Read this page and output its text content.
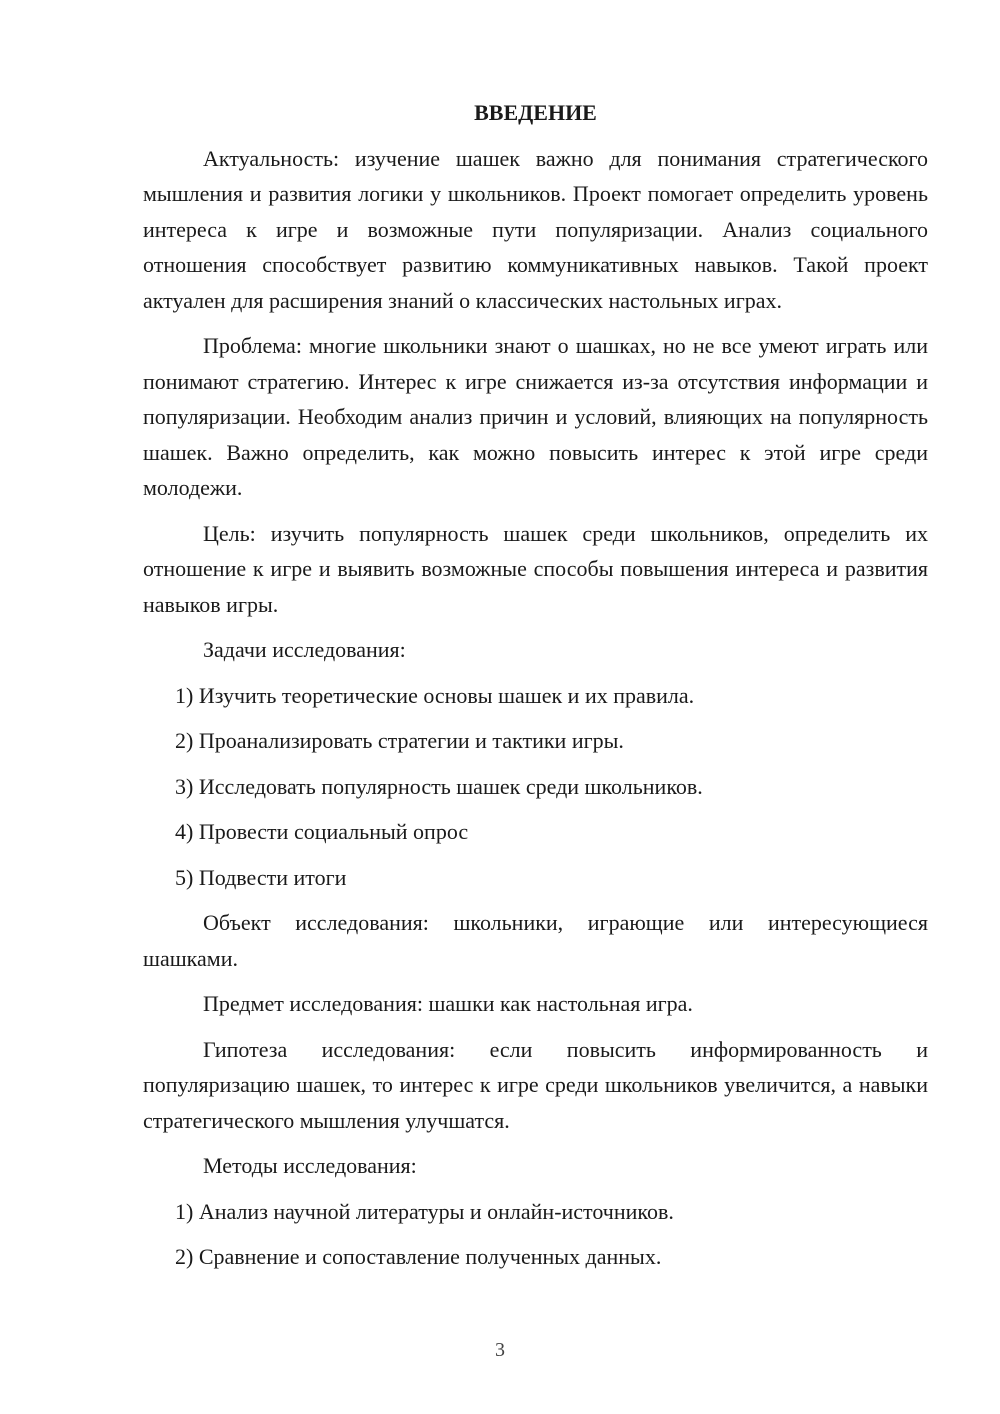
ВВЕДЕНИЕ

Актуальность: изучение шашек важно для понимания стратегического мышления и развития логики у школьников. Проект помогает определить уровень интереса к игре и возможные пути популяризации. Анализ социального отношения способствует развитию коммуникативных навыков. Такой проект актуален для расширения знаний о классических настольных играх.

Проблема: многие школьники знают о шашках, но не все умеют играть или понимают стратегию. Интерес к игре снижается из-за отсутствия информации и популяризации. Необходим анализ причин и условий, влияющих на популярность шашек. Важно определить, как можно повысить интерес к этой игре среди молодежи.

Цель: изучить популярность шашек среди школьников, определить их отношение к игре и выявить возможные способы повышения интереса и развития навыков игры.

Задачи исследования:

1) Изучить теоретические основы шашек и их правила.
2) Проанализировать стратегии и тактики игры.
3) Исследовать популярность шашек среди школьников.
4) Провести социальный опрос
5) Подвести итоги

Объект исследования: школьники, играющие или интересующиеся шашками.

Предмет исследования: шашки как настольная игра.

Гипотеза исследования: если повысить информированность и популяризацию шашек, то интерес к игре среди школьников увеличится, а навыки стратегического мышления улучшатся.

Методы исследования:

1) Анализ научной литературы и онлайн-источников.
2) Сравнение и сопоставление полученных данных.
3
